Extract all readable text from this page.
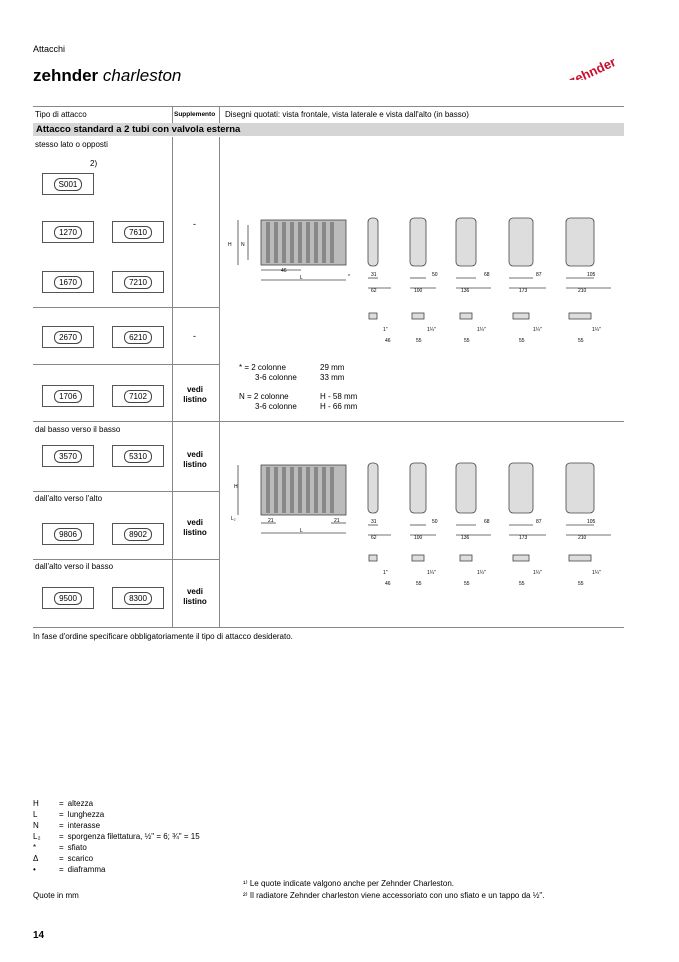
Attacchi
zehnder charleston	zehnder
Tipo di attacco	Supplemento Disegni quotati: vista frontale, vista laterale e vista dall'alto (in basso)
Attacco standard a 2 tubi con valvola esterna
stesso lato o opposti
2)
S001
1270	7610
1670	7210
-
2670	6210	-
1706	7102
vedi
listino
dal basso verso il basso
3570	5310	vedi
listino
dall'alto verso l'alto
9806	8902
vedi
listino
dall'alto verso il basso
9500	8300
vedi
listino
H N
L
46
*	31	50	68	87	105
62	100	136	173	210
1"	1¼"	1¼"	1¼"	1¼"
46	55	55	55	55
* = 2 colonne	29 mm
3-6 colonne	33 mm
N = 2 colonne	H - 58 mm
3-6 colonne	H - 66 mm
H
L₂
L
21	21	31	50	68	87	105
62	100	136	173	210
1"	1¼"	1¼"	1¼"	1¼"
46	55	55	55	55
In fase d'ordine specificare obbligatoriamente il tipo di attacco desiderato.
H	=	altezza
L	=	lunghezza
N	=	interasse
L₂	=	sporgenza filettatura, ½" = 6; ¾" = 15
*	=	sfiato
Δ	=	scarico
•	=	diaframma
¹⁾ Le quote indicate valgono anche per Zehnder Charleston.
²⁾ Il radiatore Zehnder charleston viene accessoriato con uno sfiato e un tappo da ½".
Quote in mm
14
